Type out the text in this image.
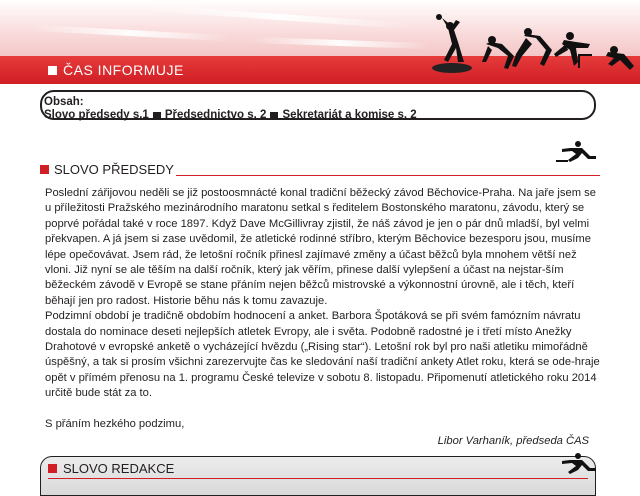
ČAS INFORMUJE
Obsah:
Slovo předsedy s.1 Předsednictvo s. 2 Sekretariát a komise s. 2
SLOVO PŘEDSEDY

Poslední zářijovou neděli se již postoosmnácté konal tradiční běžecký závod Běchovice-Praha. Na jaře jsem se u příležitosti Pražského mezinárodního maratonu setkal s ředitelem Bostonského maratonu, závodu, který se poprvé pořádal také v roce 1897. Když Dave McGillivray zjistil, že náš závod je jen o pár dnů mladší, byl velmi překvapen. A já jsem si zase uvědomil, že atletické rodinné stříbro, kterým Běchovice bezesporu jsou, musíme lépe opečovávat. Jsem rád, že letošní ročník přinesl zajímavé změny a účast běžců byla mnohem větší než vloni. Již nyní se ale těším na další ročník, který jak věřím, přinese další vylepšení a účast na nejstar-ším běžeckém závodě v Evropě se stane přáním nejen běžců mistrovské a výkonnostní úrovně, ale i těch, kteří běhají jen pro radost. Historie běhu nás k tomu zavazuje.

Podzimní období je tradičně obdobím hodnocení a anket. Barbora Špotáková se při svém famózním návratu dostala do nominace deseti nejlepších atletek Evropy, ale i světa. Podobně radostné je i třetí místo Anežky Drahotové v evropské anketě o vycházející hvězdu („Rising star“). Letošní rok byl pro naši atletiku mimořádně úspěšný, a tak si prosím všichni zarezervujte čas ke sledování naší tradiční ankety Atlet roku, která se ode-hraje opět v přímém přenosu na 1. programu České televize v sobotu 8. listopadu. Připomenutí atletického roku 2014 určitě bude stát za to.

S přáním hezkého podzimu,

Libor Varhaník, předseda ČAS

SLOVO REDAKCE
